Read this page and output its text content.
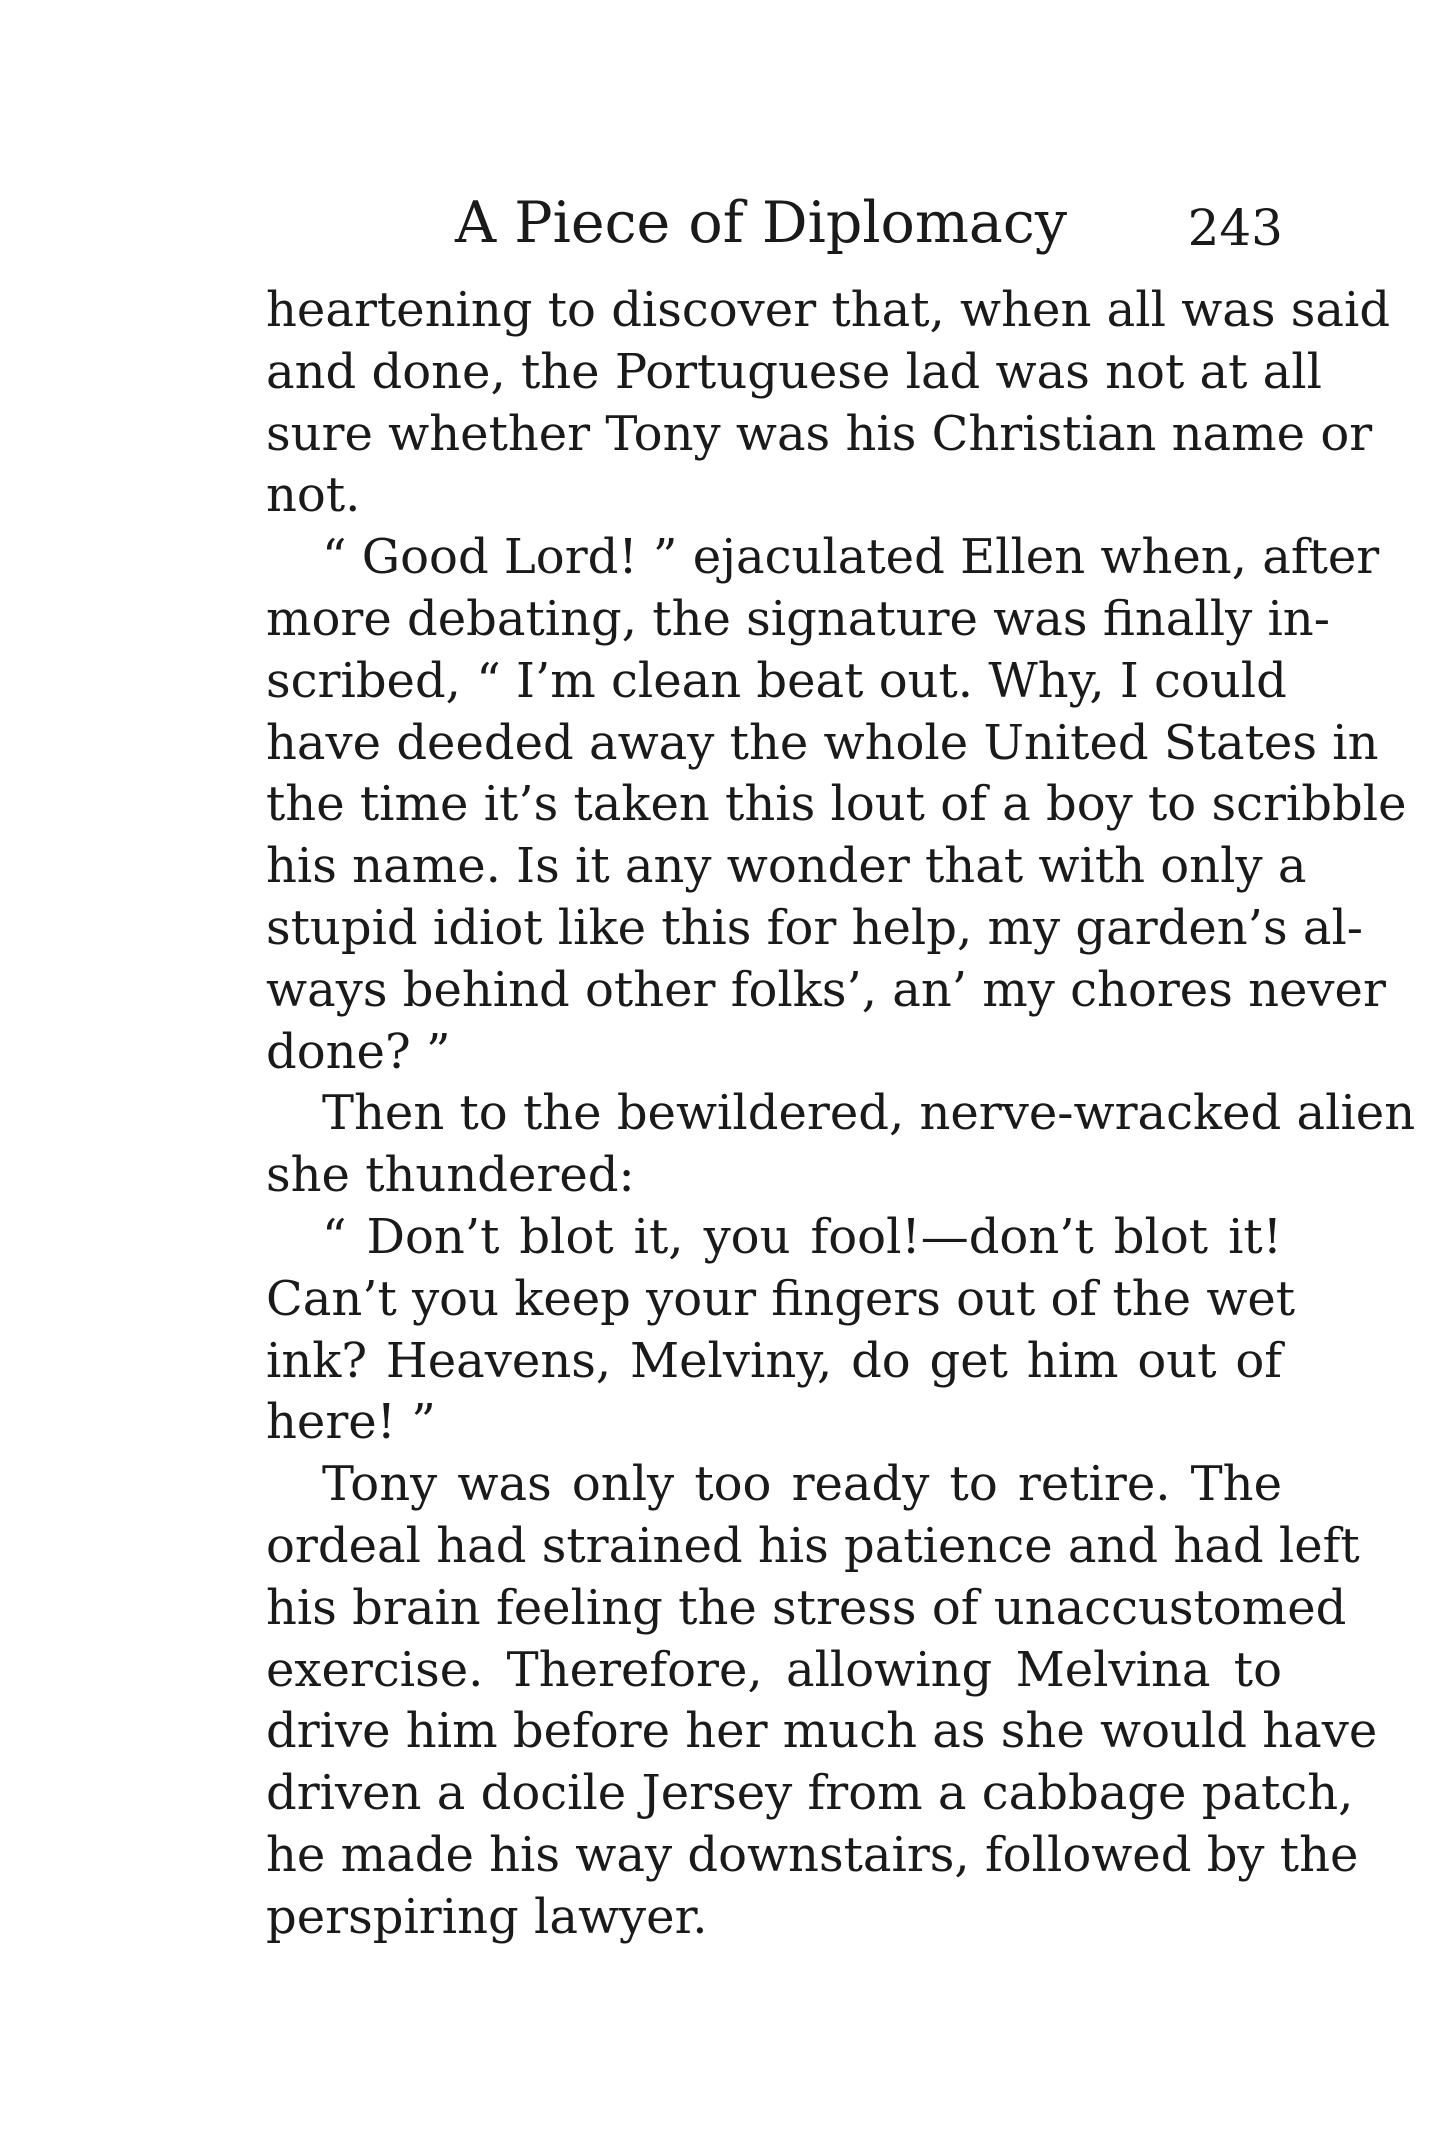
A Piece of Diplomacy 243
heartening to discover that, when all was said
and done, the Portuguese lad was not at all
sure whether Tony was his Christian name or
not.
“ Good Lord! ” ejaculated Ellen when, after
more debating, the signature was finally in-
scribed, “ I’m clean beat out. Why, I could
have deeded away the whole United States in
the time it’s taken this lout of a boy to scribble
his name. Is it any wonder that with only a
stupid idiot like this for help, my garden’s al-
ways behind other folks’, an’ my chores never
done? ”
Then to the bewildered, nerve-wracked alien
she thundered:
“ Don’t blot it, you fool!—don’t blot it!
Can’t you keep your fingers out of the wet
ink? Heavens, Melviny, do get him out of
here! ”
Tony was only too ready to retire. The
ordeal had strained his patience and had left
his brain feeling the stress of unaccustomed
exercise. Therefore, allowing Melvina to
drive him before her much as she would have
driven a docile Jersey from a cabbage patch,
he made his way downstairs, followed by the
perspiring lawyer.
